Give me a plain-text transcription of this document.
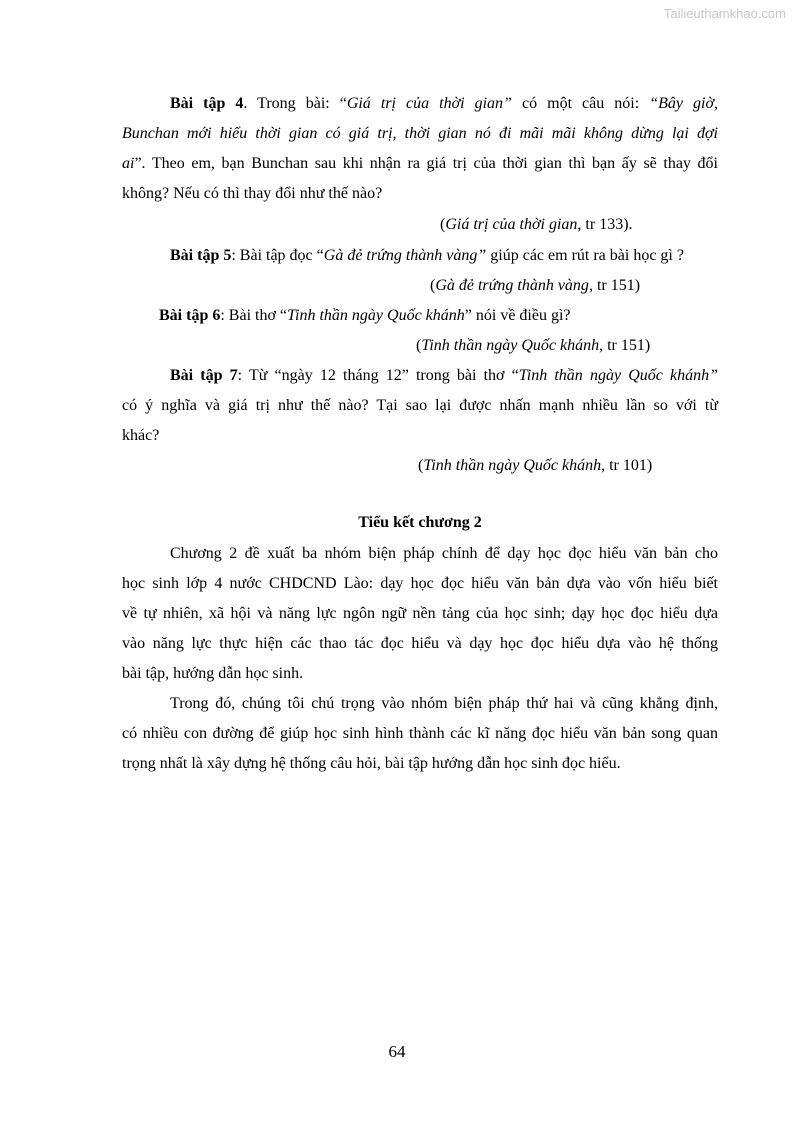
Tailieuthamkhao.com
Bài tập 4. Trong bài: “Giá trị của thời gian” có một câu nói: “Bây giờ,
Bunchan mới hiểu thời gian có giá trị, thời gian nó đi mãi mãi không dừng lại đợi
ai”. Theo em, bạn Bunchan sau khi nhận ra giá trị của thời gian thì bạn ấy sẽ thay đổi
không? Nếu có thì thay đổi như thế nào?
(Giá trị của thời gian, tr 133).
Bài tập 5: Bài tập đọc “Gà đẻ trứng thành vàng” giúp các em rút ra bài học gì ?
(Gà đẻ trứng thành vàng, tr 151)
Bài tập 6: Bài thơ “Tinh thần ngày Quốc khánh” nói về điều gì?
(Tinh thần ngày Quốc khánh, tr 151)
Bài tập 7: Từ “ngày 12 tháng 12” trong bài thơ “Tinh thần ngày Quốc khánh”
có ý nghĩa và giá trị như thế nào? Tại sao lại được nhấn mạnh nhiều lần so với từ
khác?
(Tinh thần ngày Quốc khánh, tr 101)
Tiểu kết chương 2
Chương 2 đề xuất ba nhóm biện pháp chính để dạy học đọc hiểu văn bản cho
học sinh lớp 4 nước CHDCND Lào: dạy học đọc hiểu văn bản dựa vào vốn hiểu biết
về tự nhiên, xã hội và năng lực ngôn ngữ nền tảng của học sinh; dạy học đọc hiểu dựa
vào năng lực thực hiện các thao tác đọc hiểu và dạy học đọc hiểu dựa vào hệ thống
bài tập, hướng dẫn học sinh.
Trong đó, chúng tôi chú trọng vào nhóm biện pháp thứ hai và cũng khẳng định,
có nhiều con đường để giúp học sinh hình thành các kĩ năng đọc hiểu văn bản song quan
trọng nhất là xây dựng hệ thống câu hỏi, bài tập hướng dẫn học sinh đọc hiểu.
64
